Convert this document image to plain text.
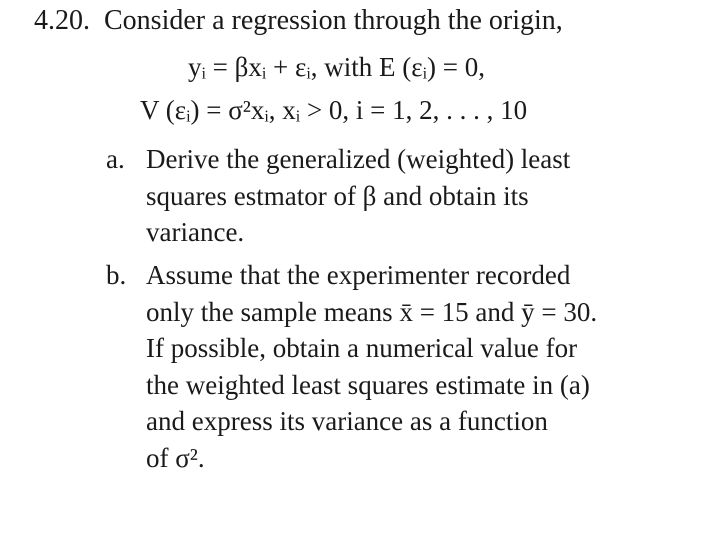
4.20. Consider a regression through the origin,
yᵢ = βxᵢ + εᵢ, with E (εᵢ) = 0,
V (εᵢ) = σ²xᵢ, xᵢ > 0, i = 1, 2, . . . , 10
a. Derive the generalized (weighted) least
squares estmator of β and obtain its
variance.
b. Assume that the experimenter recorded
only the sample means x̄ = 15 and ȳ = 30.
If possible, obtain a numerical value for
the weighted least squares estimate in (a)
and express its variance as a function
of σ².
